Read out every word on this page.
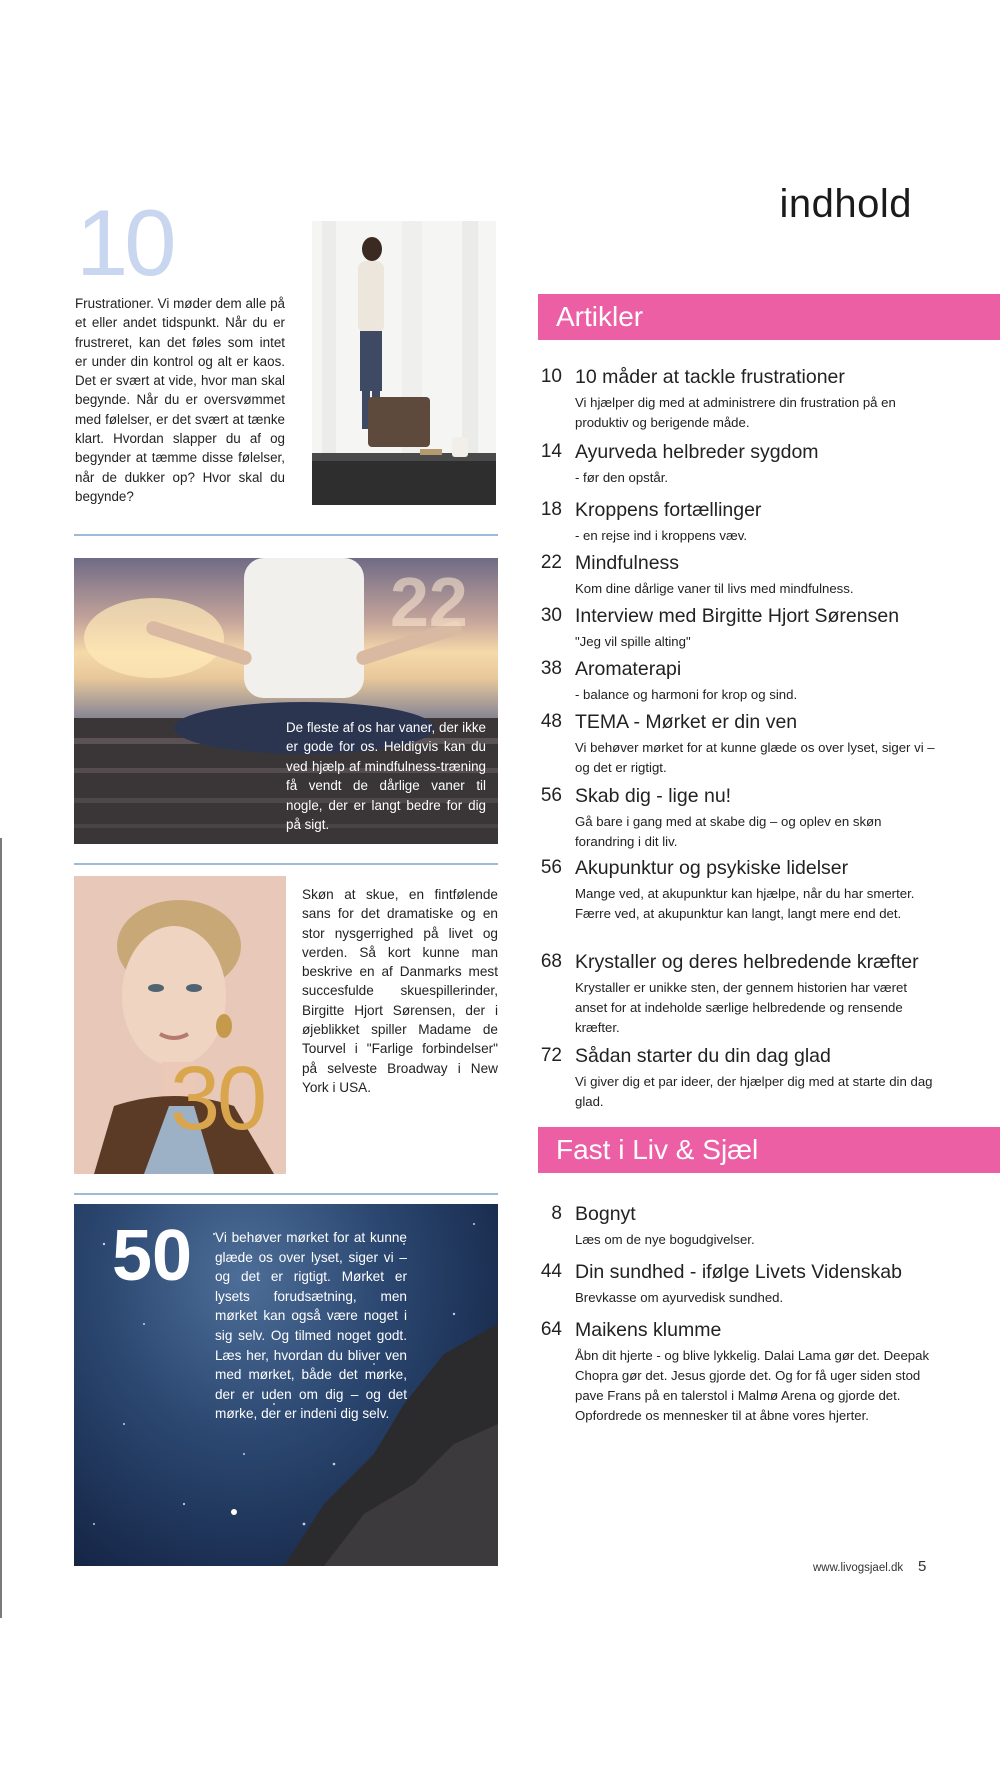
indhold
10

Frustrationer. Vi møder dem alle på et eller andet tidspunkt. Når du er frustreret, kan det føles som intet er under din kontrol og alt er kaos. Det er svært at vide, hvor man skal begynde. Når du er oversvømmet med følelser, er det svært at tænke klart. Hvordan slapper du af og begynder at tæmme disse følelser, når de dukker op? Hvor skal du begynde?

22

De fleste af os har vaner, der ikke er gode for os. Heldigvis kan du ved hjælp af mindfulness-træning få vendt de dårlige vaner til nogle, der er langt bedre for dig på sigt.

30

Skøn at skue, en fintfølende sans for det dramatiske og en stor nysgerrighed på livet og verden. Så kort kunne man beskrive en af Danmarks mest succesfulde skuespillerinder, Birgitte Hjort Sørensen, der i øjeblikket spiller Madame de Tourvel i "Farlige forbindelser" på selveste Broadway i New York i USA.

50 Vi behøver mørket for at kunne glæde os over lyset, siger vi – og det er rigtigt. Mørket er lysets forudsætning, men mørket kan også være noget i sig selv. Og tilmed noget godt. Læs her, hvordan du bliver ven med mørket, både det mørke, der er uden om dig – og det mørke, der er indeni dig selv.

Artikler
10 10 måder at tackle frustrationer

Vi hjælper dig med at administrere din frustration på en produktiv og berigende måde.

14 Ayurveda helbreder sygdom

- før den opstår.

18 Kroppens fortællinger

- en rejse ind i kroppens væv.

22 Mindfulness

Kom dine dårlige vaner til livs med mindfulness.

30 Interview med Birgitte Hjort Sørensen

"Jeg vil spille alting"

38 Aromaterapi

- balance og harmoni for krop og sind.

48 TEMA - Mørket er din ven

Vi behøver mørket for at kunne glæde os over lyset, siger vi – og det er rigtigt.

56 Skab dig - lige nu!

Gå bare i gang med at skabe dig – og oplev en skøn forandring i dit liv.

56 Akupunktur og psykiske lidelser

Mange ved, at akupunktur kan hjælpe, når du har smerter. Færre ved, at akupunktur kan langt, langt mere end det.

68 Krystaller og deres helbredende kræfter

Krystaller er unikke sten, der gennem historien har været anset for at indeholde særlige helbredende og rensende kræfter.

72 Sådan starter du din dag glad

Vi giver dig et par ideer, der hjælper dig med at starte din dag glad.

Fast i Liv & Sjæl
8 Bognyt

Læs om de nye bogudgivelser.

44 Din sundhed - ifølge Livets Videnskab

Brevkasse om ayurvedisk sundhed.

64 Maikens klumme

Åbn dit hjerte - og blive lykkelig. Dalai Lama gør det. Deepak Chopra gør det. Jesus gjorde det. Og for få uger siden stod pave Frans på en talerstol i Malmø Arena og gjorde det. Opfordrede os mennesker til at åbne vores hjerter.

www.livogsjael.dk 5
